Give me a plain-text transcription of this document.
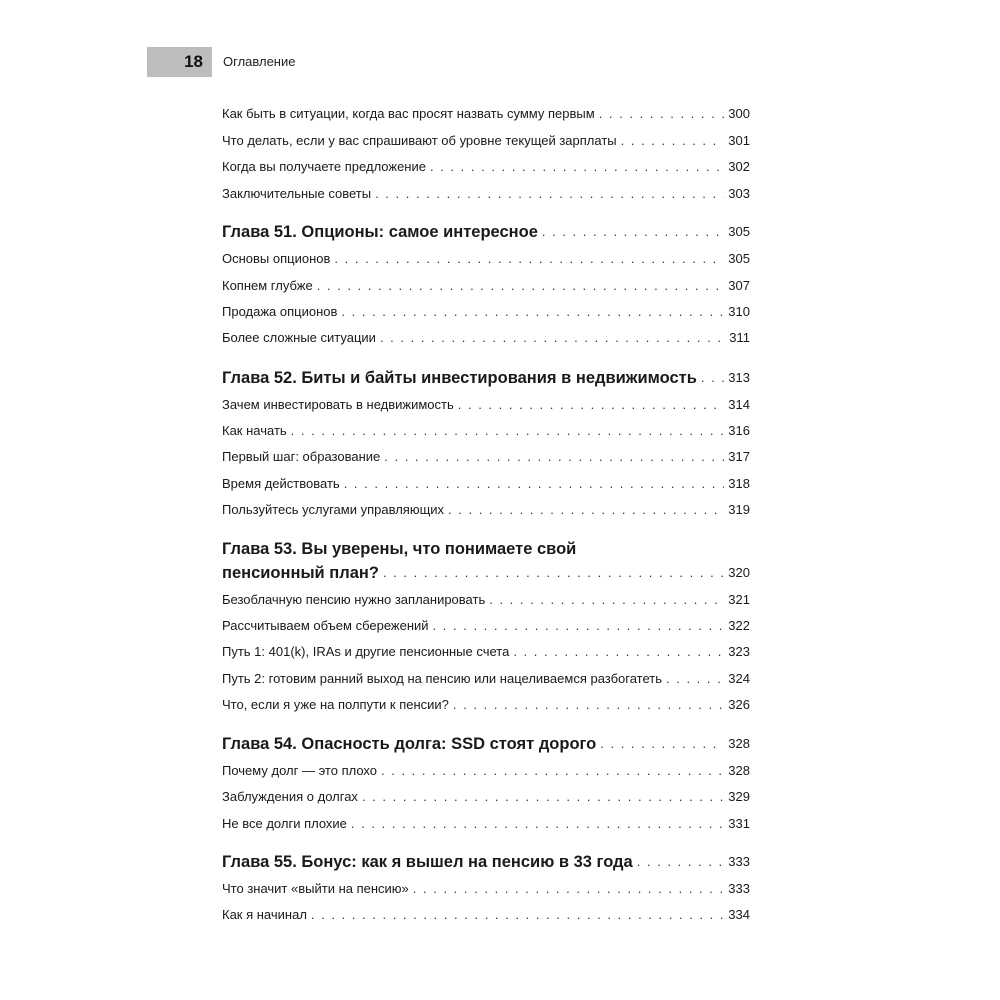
18 Оглавление
Как быть в ситуации, когда вас просят назвать сумму первым . . .	300
Что делать, если у вас спрашивают об уровне текущей зарплаты . . .	301
Когда вы получаете предложение . . .	302
Заключительные советы . . .	303
Глава 51. Опционы: самое интересное . . .	305
Основы опционов . . .	305
Копнем глубже . . .	307
Продажа опционов . . .	310
Более сложные ситуации . . .	311
Глава 52. Биты и байты инвестирования в недвижимость . . . 313
Зачем инвестировать в недвижимость . . .	314
Как начать . . .	316
Первый шаг: образование . . .	317
Время действовать . . .	318
Пользуйтесь услугами управляющих . . .	319
Глава 53. Вы уверены, что понимаете свой
пенсионный план? . . .	320
Безоблачную пенсию нужно запланировать . . .	321
Рассчитываем объем сбережений . . .	322
Путь 1: 401(k), IRAs и другие пенсионные счета . . .	323
Путь 2: готовим ранний выход на пенсию или нацеливаемся разбогатеть . . .	324
Что, если я уже на полпути к пенсии? . . .	326
Глава 54. Опасность долга: SSD стоят дорого . . .	328
Почему долг — это плохо . . .	328
Заблуждения о долгах . . .	329
Не все долги плохие . . .	331
Глава 55. Бонус: как я вышел на пенсию в 33 года . . .	333
Что значит «выйти на пенсию» . . .	333
Как я начинал . . .	334
